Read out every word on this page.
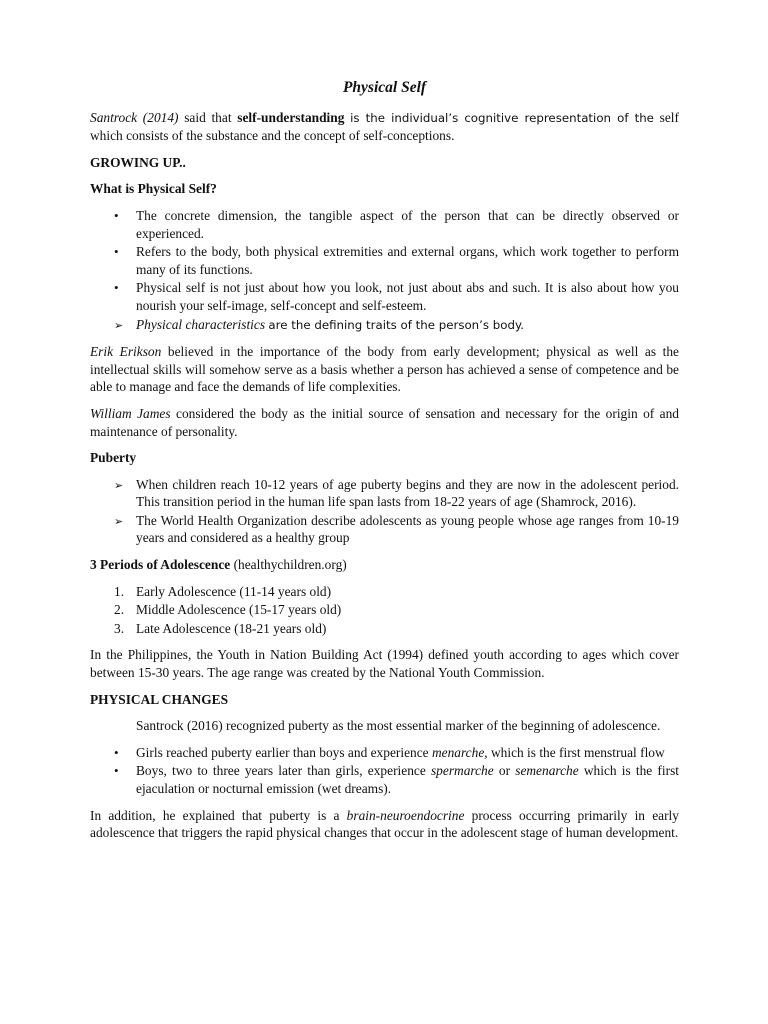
Physical Self

Santrock (2014) said that self-understanding is the individual’s cognitive representation of the self which consists of the substance and the concept of self-conceptions.

GROWING UP..
What is Physical Self?
•
The concrete dimension, the tangible aspect of the person that can be directly observed or experienced.
•
Refers to the body, both physical extremities and external organs, which work together to perform many of its functions.
•
Physical self is not just about how you look, not just about abs and such. It is also about how you nourish your self-image, self-concept and self-esteem.
➢
Physical characteristics are the defining traits of the person’s body.

Erik Erikson believed in the importance of the body from early development; physical as well as the intellectual skills will somehow serve as a basis whether a person has achieved a sense of competence and be able to manage and face the demands of life complexities.

William James considered the body as the initial source of sensation and necessary for the origin of and maintenance of personality.

Puberty
➢
When children reach 10-12 years of age puberty begins and they are now in the adolescent period. This transition period in the human life span lasts from 18-22 years of age (Shamrock, 2016).
➢
The World Health Organization describe adolescents as young people whose age ranges from 10-19 years and considered as a healthy group

3 Periods of Adolescence (healthychildren.org)

1. Early Adolescence (11-14 years old)
2. Middle Adolescence (15-17 years old)
3. Late Adolescence (18-21 years old)

In the Philippines, the Youth in Nation Building Act (1994) defined youth according to ages which cover between 15-30 years. The age range was created by the National Youth Commission.

PHYSICAL CHANGES

Santrock (2016) recognized puberty as the most essential marker of the beginning of adolescence.

•
Girls reached puberty earlier than boys and experience menarche, which is the first menstrual flow
•
Boys, two to three years later than girls, experience spermarche or semenarche which is the first ejaculation or nocturnal emission (wet dreams).

In addition, he explained that puberty is a brain-neuroendocrine process occurring primarily in early adolescence that triggers the rapid physical changes that occur in the adolescent stage of human development.
